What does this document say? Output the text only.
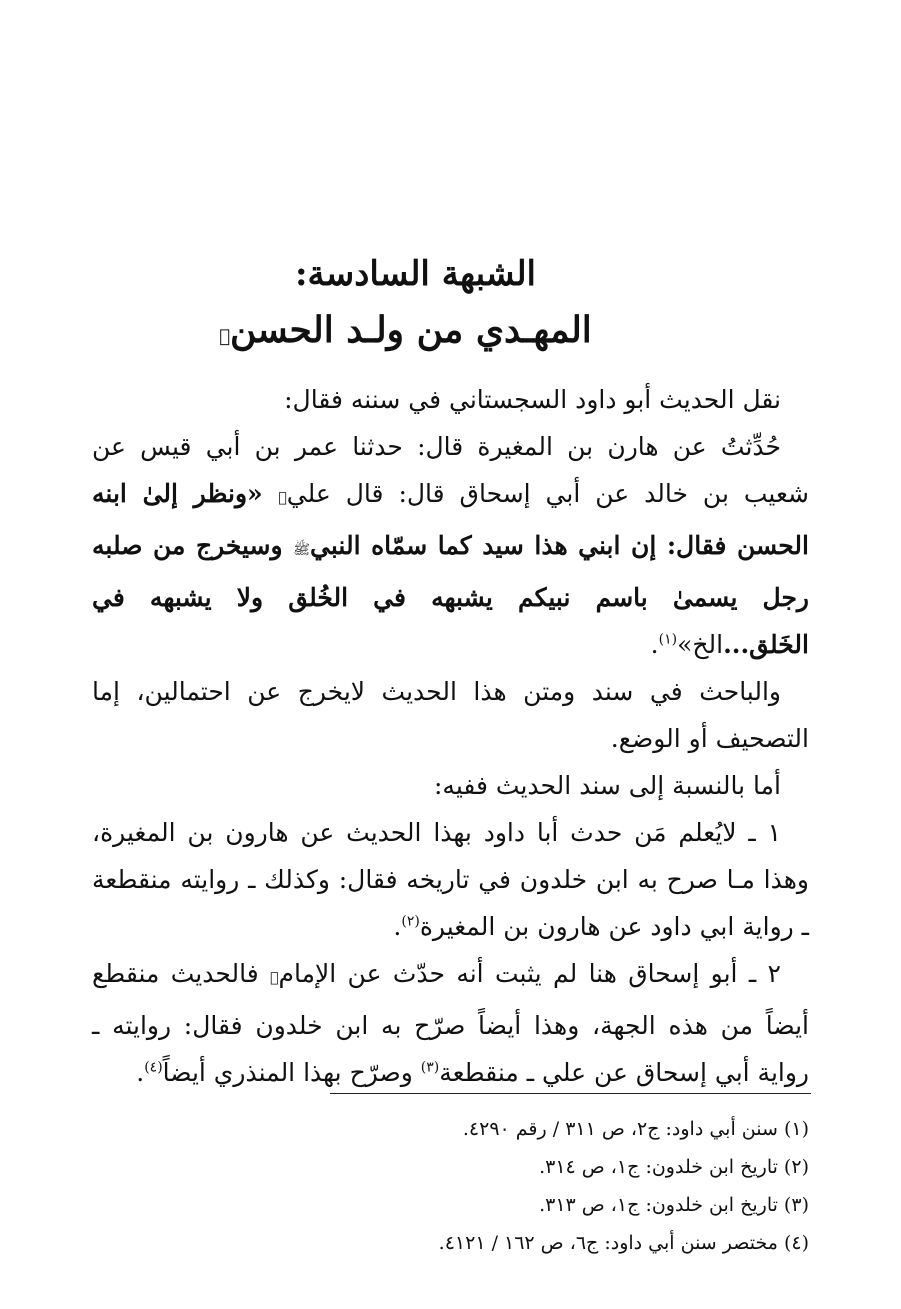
الشبهة السادسة:
المهـدي من ولـد الحسن﷤

نقل الحديث أبو داود السجستاني في سننه فقال:

حُدِّثتُ عن هارن بن المغيرة قال: حدثنا عمر بن أبي قيس عن شعيب بن خالد عن أبي إسحاق قال: قال علي﷤ «ونظر إلىٰ ابنه الحسن فقال: إن ابني هذا سيد كما سمّاه النبيﷺ وسيخرج من صلبه رجل يسمىٰ باسم نبيكم يشبهه في الخُلق ولا يشبهه في الخَلق...الخ»$^{(١)}$.

والباحث في سند ومتن هذا الحديث لايخرج عن احتمالين، إما التصحيف أو الوضع.

أما بالنسبة إلى سند الحديث ففيه:

١ ـ لايُعلم مَن حدث أبا داود بهذا الحديث عن هارون بن المغيرة، وهذا مـا صرح به ابن خلدون في تاريخه فقال: وكذلك ـ روايته منقطعة ـ رواية ابي داود عن هارون بن المغيرة$^{(٢)}$.

٢ ـ أبو إسحاق هنا لم يثبت أنه حدّث عن الإمام﷤ فالحديث منقطع أيضاً من هذه الجهة، وهذا أيضاً صرّح به ابن خلدون فقال: روايته ـ رواية أبي إسحاق عن علي ـ منقطعة$^{(٣)}$ وصرّح بهذا المنذري أيضاً$^{(٤)}$.

(١) سنن أبي داود: ج٢، ص ٣١١ / رقم ٤٢٩٠.
(٢) تاريخ ابن خلدون: ج١، ص ٣١٤.
(٣) تاريخ ابن خلدون: ج١، ص ٣١٣.
(٤) مختصر سنن أبي داود: ج٦، ص ١٦٢ / ٤١٢١.
